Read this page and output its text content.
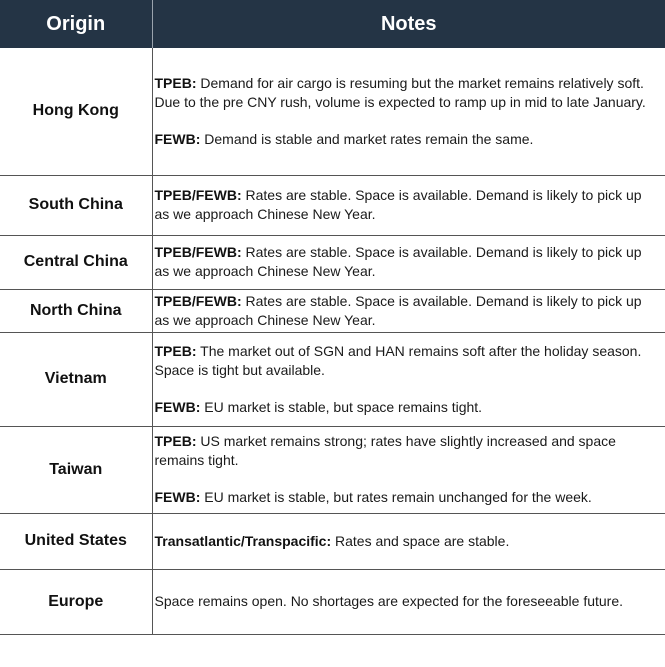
Origin	Notes
Hong Kong	TPEB: Demand for air cargo is resuming but the market remains relatively soft. Due to the pre CNY rush, volume is expected to ramp up in mid to late January.

FEWB: Demand is stable and market rates remain the same.

South China	TPEB/FEWB: Rates are stable. Space is available. Demand is likely to pick up as we approach Chinese New Year.

Central China	TPEB/FEWB: Rates are stable. Space is available. Demand is likely to pick up as we approach Chinese New Year.

North China	TPEB/FEWB: Rates are stable. Space is available. Demand is likely to pick up as we approach Chinese New Year.

Vietnam	TPEB: The market out of SGN and HAN remains soft after the holiday season. Space is tight but available.

FEWB: EU market is stable, but space remains tight.

Taiwan	TPEB: US market remains strong; rates have slightly increased and space remains tight.

FEWB: EU market is stable, but rates remain unchanged for the week.

United States	Transatlantic/Transpacific: Rates and space are stable.

Europe	Space remains open. No shortages are expected for the foreseeable future.
